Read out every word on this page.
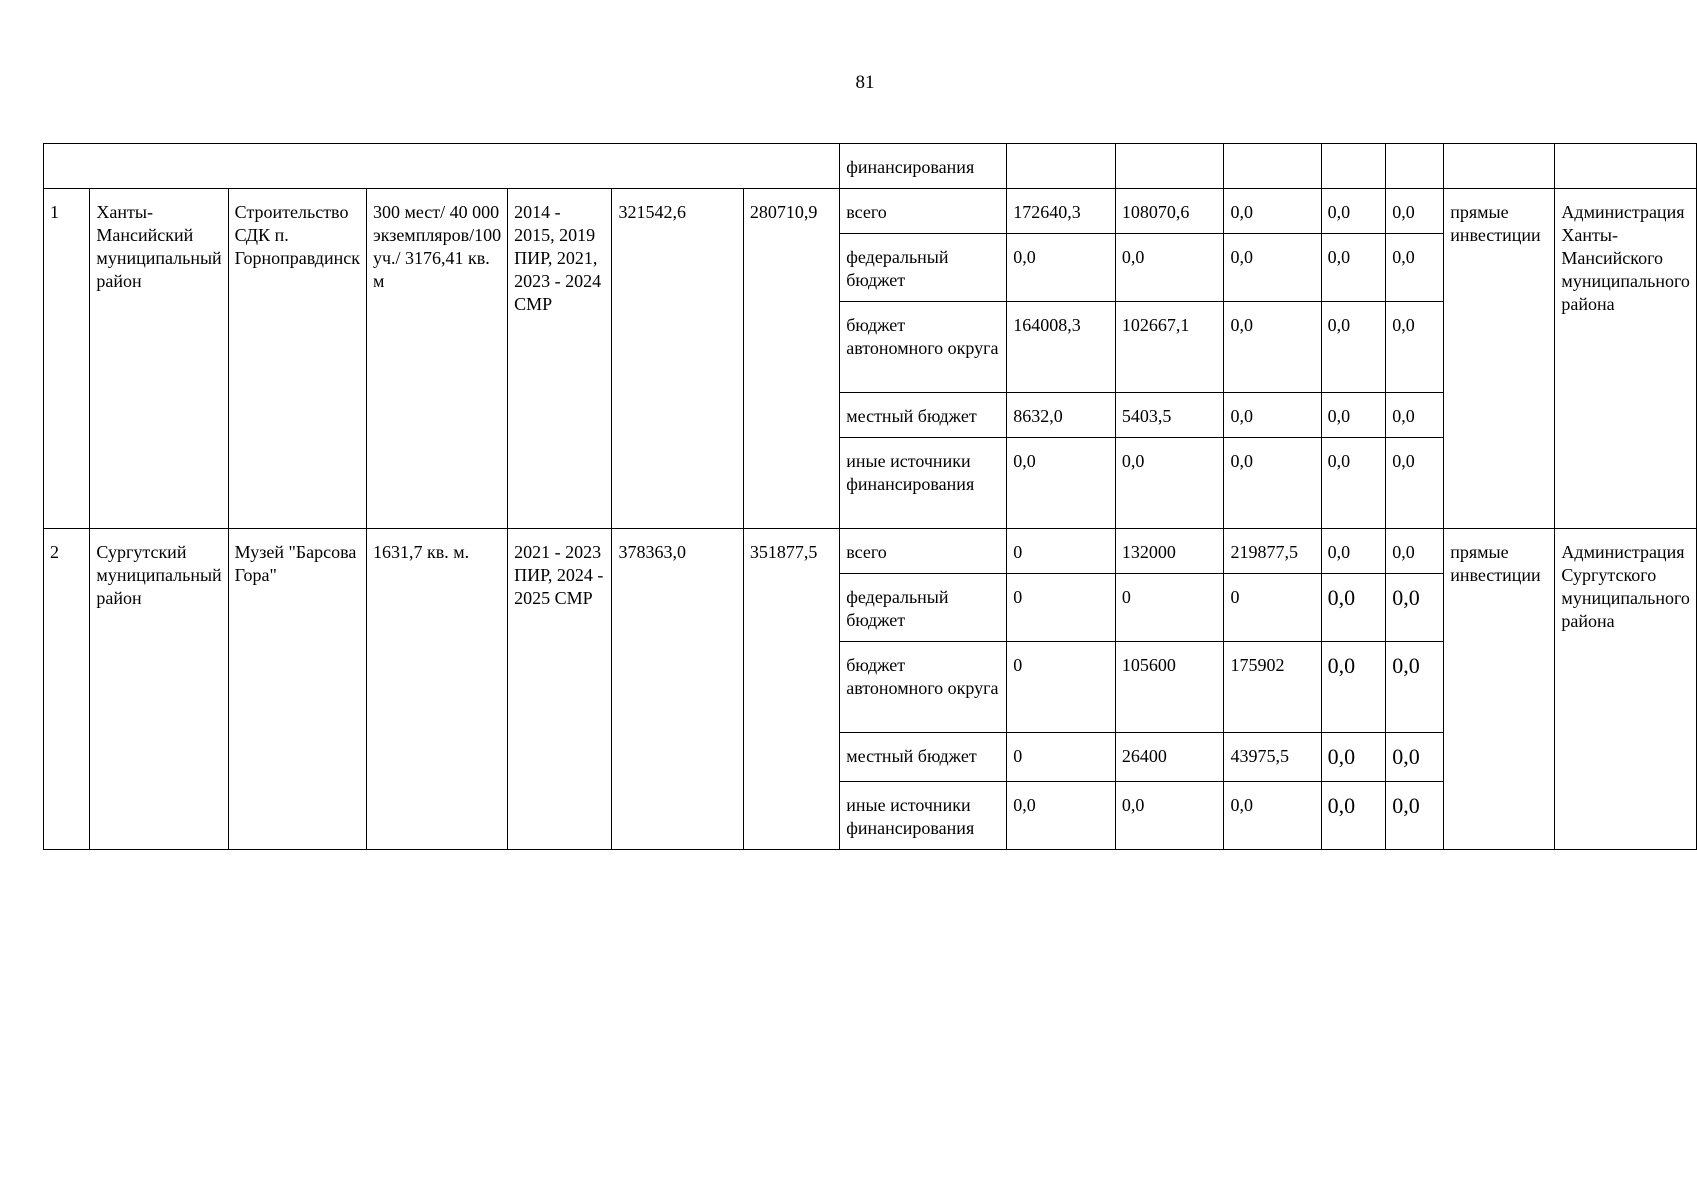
81
							финансирования							
1	Ханты-Мансийский муниципальный район	Строительство СДК п. Горноправдинск	300 мест/ 40 000 экземпляров/100 уч./ 3176,41 кв. м	2014 - 2015, 2019 ПИР, 2021, 2023 - 2024 СМР	321542,6	280710,9	всего	172640,3	108070,6	0,0	0,0	0,0	прямые инвестиции	Администрация Ханты-Мансийского муниципального района
							федеральный бюджет	0,0	0,0	0,0	0,0	0,0		
							бюджет автономного округа	164008,3	102667,1	0,0	0,0	0,0		
							местный бюджет	8632,0	5403,5	0,0	0,0	0,0		
							иные источники финансирования	0,0	0,0	0,0	0,0	0,0		
2	Сургутский муниципальный район	Музей "Барсова Гора"	1631,7 кв. м.	2021 - 2023 ПИР, 2024 - 2025 СМР	378363,0	351877,5	всего	0	132000	219877,5	0,0	0,0	прямые инвестиции	Администрация Сургутского муниципального района
							федеральный бюджет	0	0	0	0,0	0,0		
							бюджет автономного округа	0	105600	175902	0,0	0,0		
							местный бюджет	0	26400	43975,5	0,0	0,0		
							иные источники финансирования	0,0	0,0	0,0	0,0	0,0		
